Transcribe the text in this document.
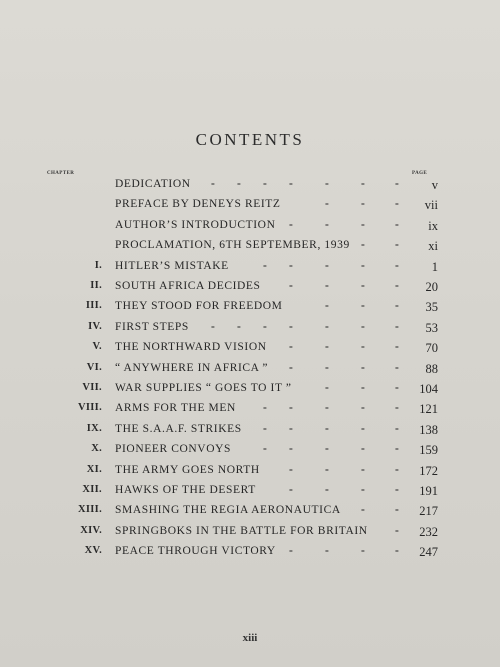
CONTENTS
CHAPTER	PAGE
DEDICATION - - - -	-	-	-	v
PREFACE BY DENEYS REITZ	-	-	- vii
AUTHOR’S INTRODUCTION -	-	-	- ix
PROCLAMATION, 6TH SEPTEMBER, 1939 -	- xi
I. HITLER’S MISTAKE	- -	-	-	-	1
II. SOUTH AFRICA DECIDES -	-	-	- 20
III. THEY STOOD FOR FREEDOM	-	-	- 35
IV. FIRST STEPS - - - -	-	-	- 53
V. THE NORTHWARD VISION -	-	-	- 70
VI. “ ANYWHERE IN AFRICA ” -	-	-	- 88
VII. WAR SUPPLIES “ GOES TO IT ”	-	-	- 104
VIII. ARMS FOR THE MEN - -	-	-	- 121
IX. THE S.A.A.F. STRIKES - -	-	-	- 138
X. PIONEER CONVOYS	- -	-	-	- 159
XI. THE ARMY GOES NORTH	-	-	-	- 172
XII. HAWKS OF THE DESERT	-	-	-	- 191
XIII. SMASHING THE REGIA AERONAUTICA -	- 217
XIV. SPRINGBOKS IN THE BATTLE FOR BRITAIN - 232
XV. PEACE THROUGH VICTORY -	-	-	- 247
xiii
